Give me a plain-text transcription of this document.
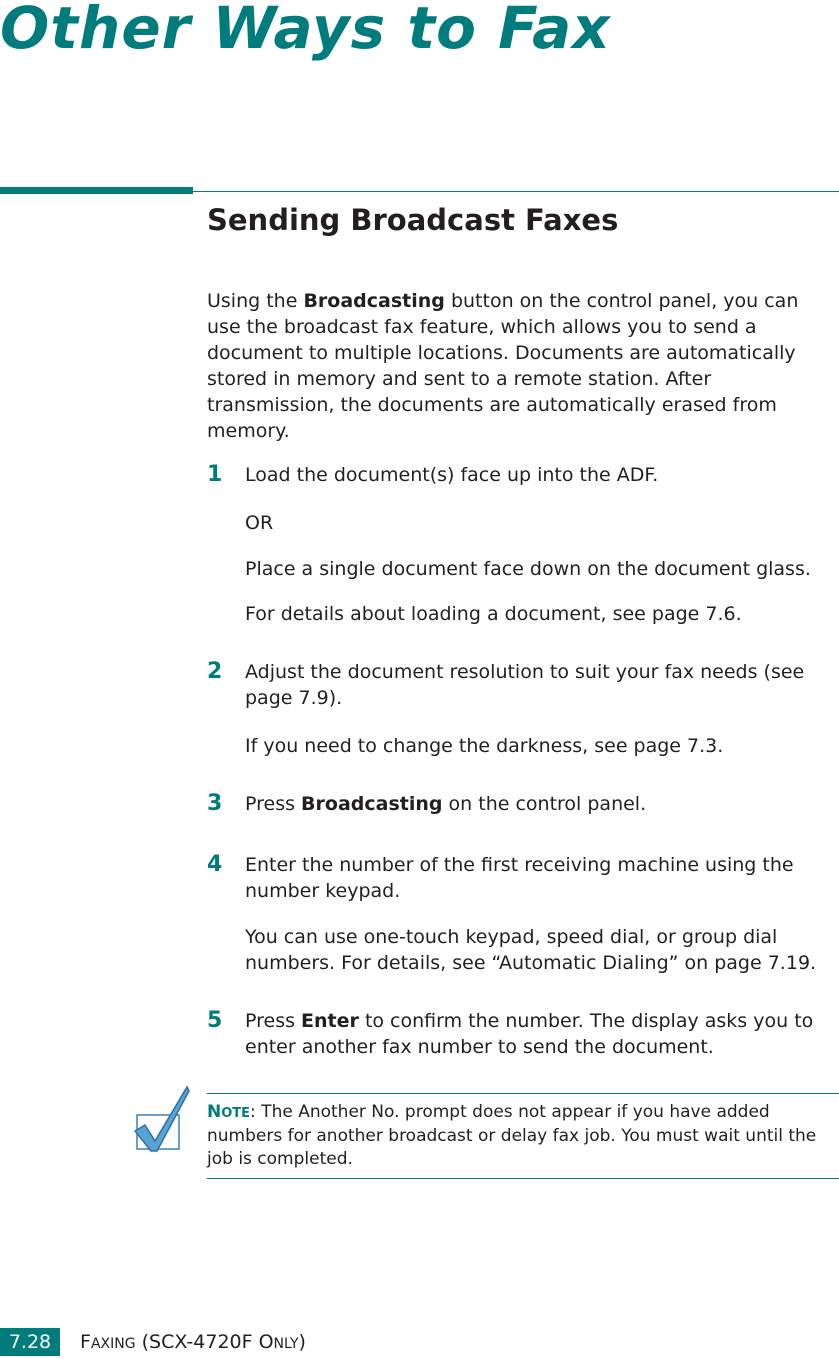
Other Ways to Fax
Sending Broadcast Faxes

Using the Broadcasting button on the control panel, you can use the broadcast fax feature, which allows you to send a document to multiple locations. Documents are automatically stored in memory and sent to a remote station. After transmission, the documents are automatically erased from memory.

1 Load the document(s) face up into the ADF.

OR

Place a single document face down on the document glass.

For details about loading a document, see page 7.6.

2 Adjust the document resolution to suit your fax needs (see page 7.9).

If you need to change the darkness, see page 7.3.

3 Press Broadcasting on the control panel.

4 Enter the number of the first receiving machine using the number keypad.

You can use one-touch keypad, speed dial, or group dial numbers. For details, see “Automatic Dialing” on page 7.19.

5 Press Enter to confirm the number. The display asks you to enter another fax number to send the document.

NOTE: The Another No. prompt does not appear if you have added numbers for another broadcast or delay fax job. You must wait until the job is completed.

7.28	FAXING (SCX-4720F ONLY)
